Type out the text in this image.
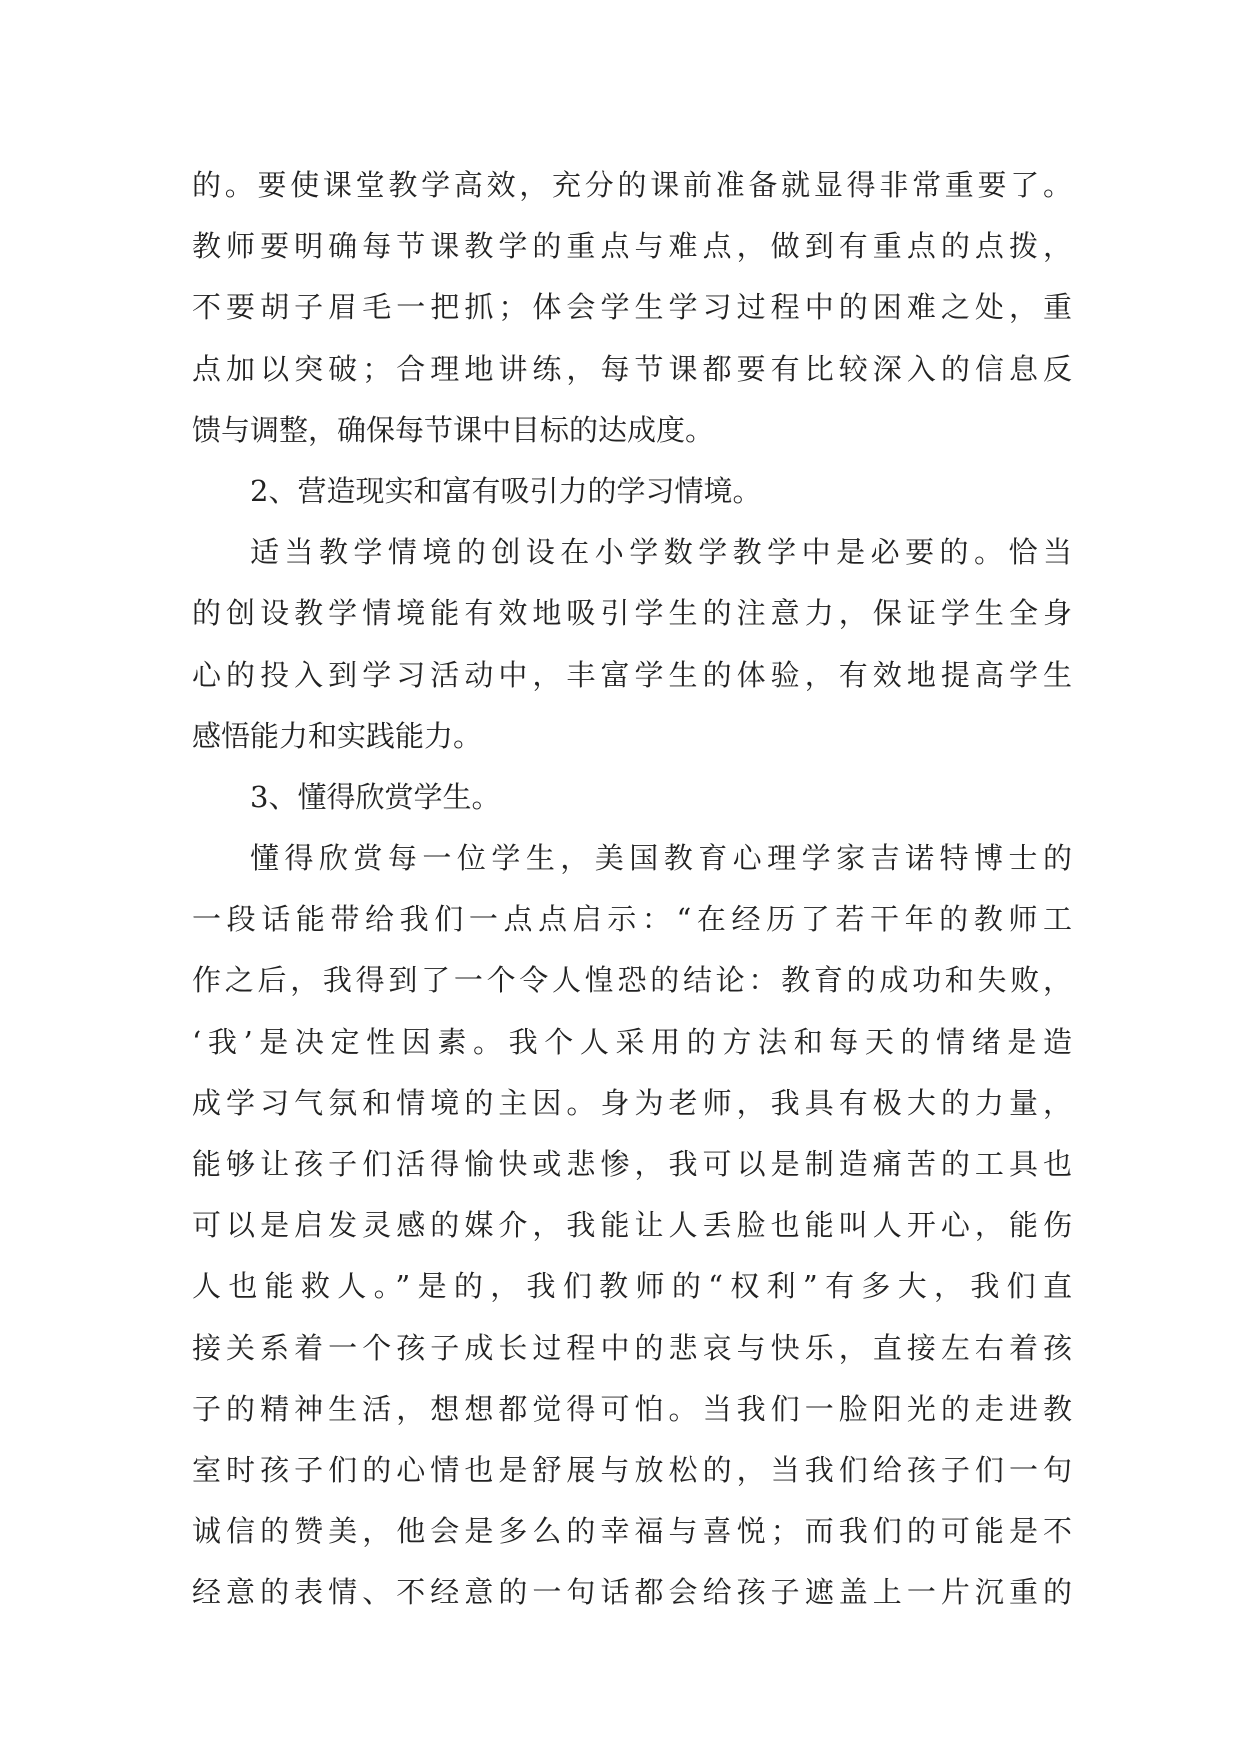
的。要使课堂教学高效，充分的课前准备就显得非常重要了。
教师要明确每节课教学的重点与难点，做到有重点的点拨，
不要胡子眉毛一把抓；体会学生学习过程中的困难之处，重
点加以突破；合理地讲练，每节课都要有比较深入的信息反
馈与调整，确保每节课中目标的达成度。
2、营造现实和富有吸引力的学习情境。
适当教学情境的创设在小学数学教学中是必要的。恰当
的创设教学情境能有效地吸引学生的注意力，保证学生全身
心的投入到学习活动中，丰富学生的体验，有效地提高学生
感悟能力和实践能力。
3、懂得欣赏学生。
懂得欣赏每一位学生，美国教育心理学家吉诺特博士的
一段话能带给我们一点点启示：“在经历了若干年的教师工
作之后，我得到了一个令人惶恐的结论：教育的成功和失败，
‘我’是决定性因素。我个人采用的方法和每天的情绪是造
成学习气氛和情境的主因。身为老师，我具有极大的力量，
能够让孩子们活得愉快或悲惨，我可以是制造痛苦的工具也
可以是启发灵感的媒介，我能让人丢脸也能叫人开心，能伤
人也能救人。”是的，我们教师的“权利”有多大，我们直
接关系着一个孩子成长过程中的悲哀与快乐，直接左右着孩
子的精神生活，想想都觉得可怕。当我们一脸阳光的走进教
室时孩子们的心情也是舒展与放松的，当我们给孩子们一句
诚信的赞美，他会是多么的幸福与喜悦；而我们的可能是不
经意的表情、不经意的一句话都会给孩子遮盖上一片沉重的
